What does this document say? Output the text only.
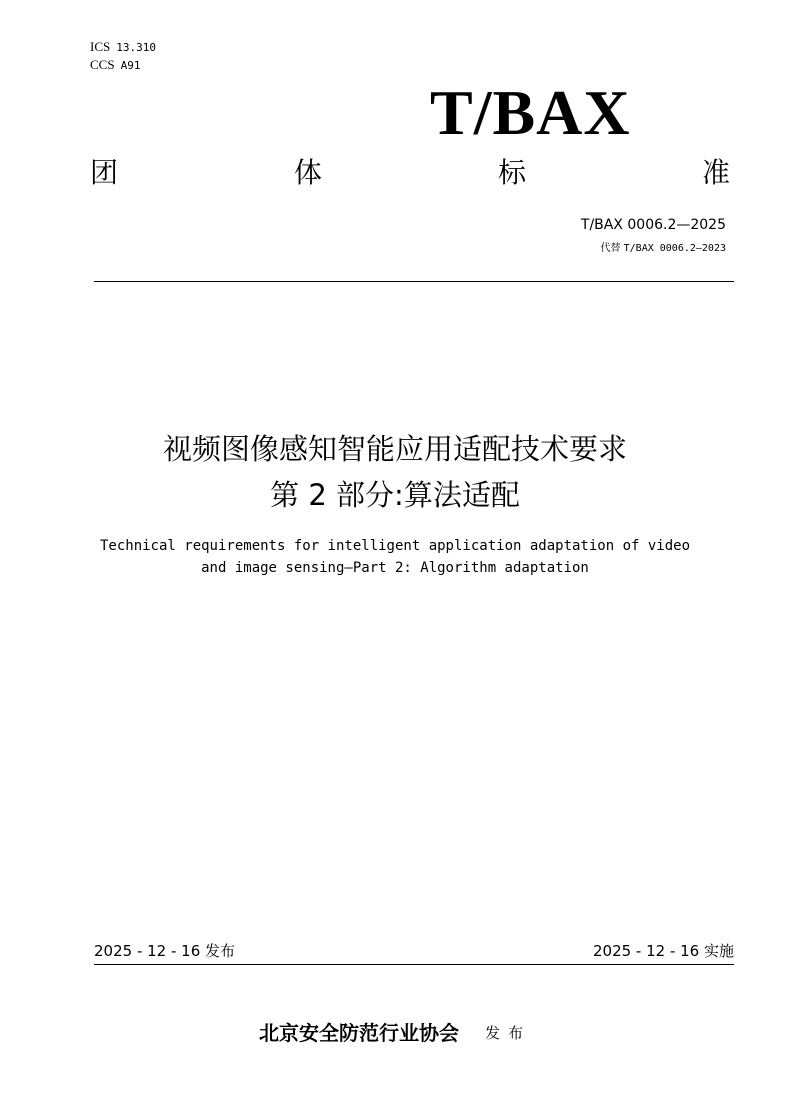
ICS 13.310
CCS A91
T/BAX
团	体	标	准
T/BAX 0006.2—2025
代替 T/BAX 0006.2—2023
视频图像感知智能应用适配技术要求
第 2 部分:算法适配
Technical requirements for intelligent application adaptation of video
and image sensing—Part 2: Algorithm adaptation
2025 - 12 - 16 发布	2025 - 12 - 16 实施
北京安全防范行业协会 发布
